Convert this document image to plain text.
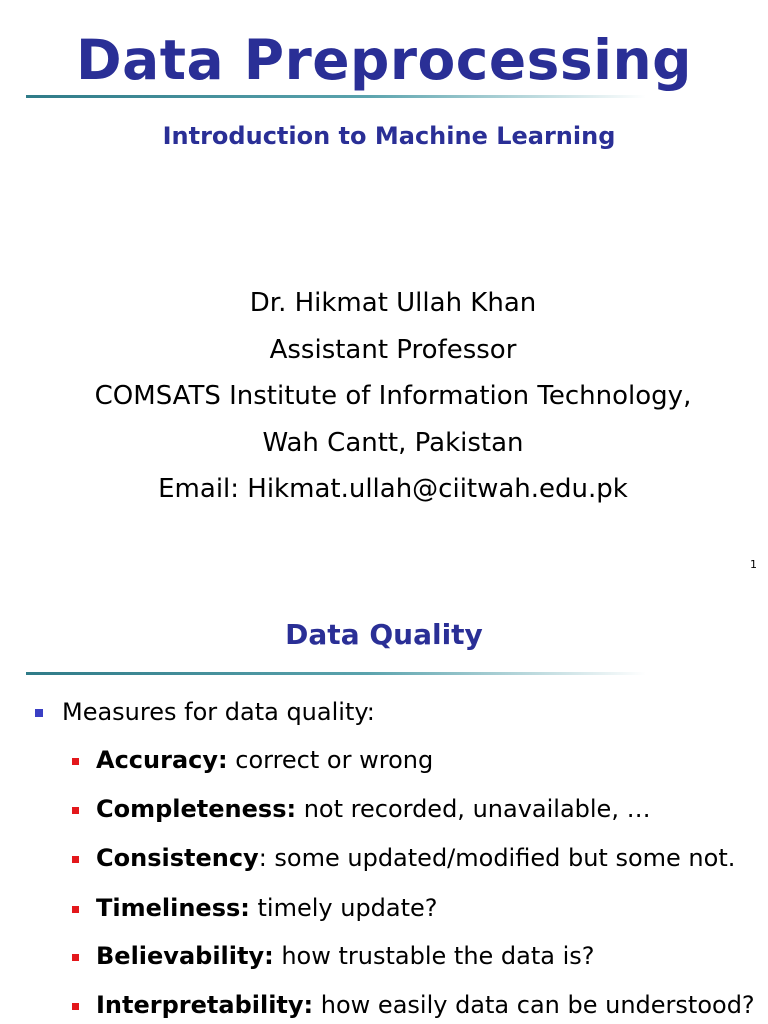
Data Preprocessing
Introduction to Machine Learning
Dr. Hikmat Ullah Khan
Assistant Professor
COMSATS Institute of Information Technology,
Wah Cantt, Pakistan
Email: Hikmat.ullah@ciitwah.edu.pk
1
Data Quality
Measures for data quality:
Accuracy: correct or wrong
Completeness: not recorded, unavailable, …
Consistency: some updated/modified but some not.
Timeliness: timely update?
Believability: how trustable the data is?
Interpretability: how easily data can be understood?
